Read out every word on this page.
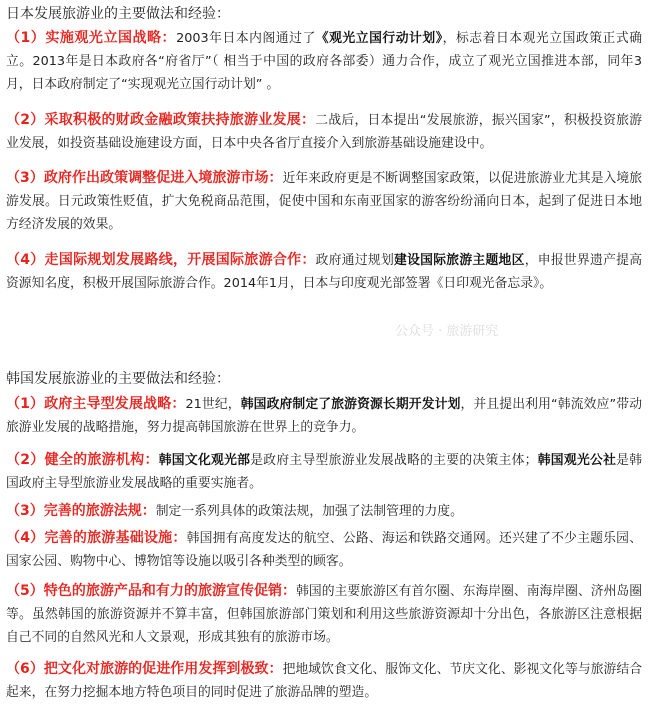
日本发展旅游业的主要做法和经验：
（1）实施观光立国战略：2003年日本内阁通过了《观光立国行动计划》，标志着日本观光立国政策正式确立。2013年是日本政府各“府省厅”（ 相当于中国的政府各部委）通力合作，成立了观光立国推进本部，同年3月，日本政府制定了“实现观光立国行动计划” 。
（2）采取积极的财政金融政策扶持旅游业发展：二战后，日本提出“发展旅游，振兴国家”，积极投资旅游业发展，如投资基础设施建设方面，日本中央各省厅直接介入到旅游基础设施建设中。
（3）政府作出政策调整促进入境旅游市场：近年来政府更是不断调整国家政策，以促进旅游业尤其是入境旅游发展。日元政策性贬值，扩大免税商品范围，促使中国和东南亚国家的游客纷纷涌向日本，起到了促进日本地方经济发展的效果。
（4）走国际规划发展路线，开展国际旅游合作：政府通过规划建设国际旅游主题地区，申报世界遗产提高资源知名度，积极开展国际旅游合作。2014年1月，日本与印度观光部签署《日印观光备忘录》。
公众号 · 旅游研究
韩国发展旅游业的主要做法和经验：
（1）政府主导型发展战略：21世纪，韩国政府制定了旅游资源长期开发计划，并且提出利用“韩流效应”带动旅游业发展的战略措施，努力提高韩国旅游在世界上的竞争力。
（2）健全的旅游机构：韩国文化观光部是政府主导型旅游业发展战略的主要的决策主体；韩国观光公社是韩国政府主导型旅游业发展战略的重要实施者。
（3）完善的旅游法规：制定一系列具体的政策法规，加强了法制管理的力度。
（4）完善的旅游基础设施：韩国拥有高度发达的航空、公路、海运和铁路交通网。还兴建了不少主题乐园、国家公园、购物中心、博物馆等设施以吸引各种类型的顾客。
（5）特色的旅游产品和有力的旅游宣传促销：韩国的主要旅游区有首尔圈、东海岸圈、南海岸圈、济州岛圈等。虽然韩国的旅游资源并不算丰富，但韩国旅游部门策划和利用这些旅游资源却十分出色，各旅游区注意根据自己不同的自然风光和人文景观，形成其独有的旅游市场。
（6）把文化对旅游的促进作用发挥到极致：把地域饮食文化、服饰文化、节庆文化、影视文化等与旅游结合起来，在努力挖掘本地方特色项目的同时促进了旅游品牌的塑造。
